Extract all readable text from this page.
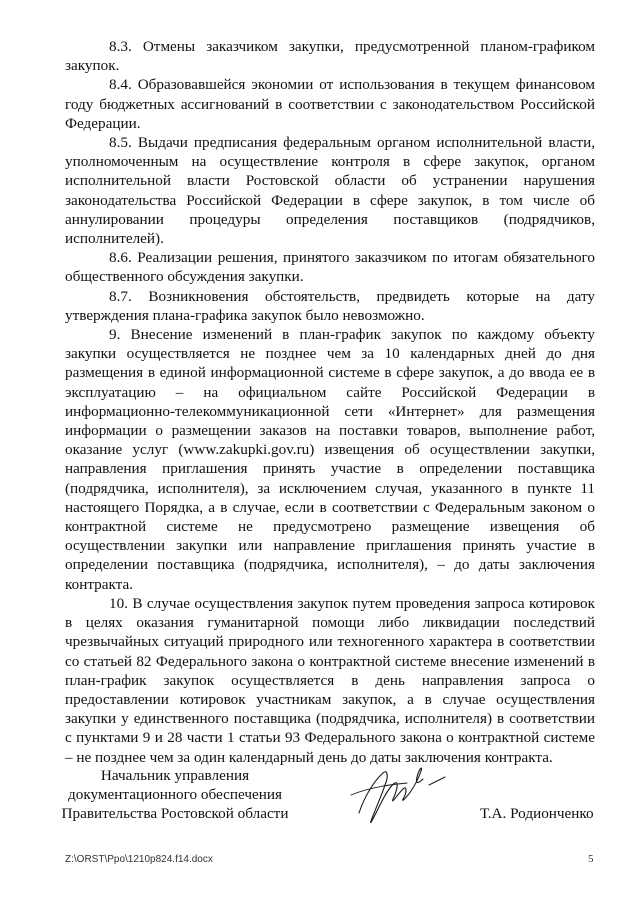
8.3. Отмены заказчиком закупки, предусмотренной планом-графиком закупок.

8.4. Образовавшейся экономии от использования в текущем финансовом году бюджетных ассигнований в соответствии с законодательством Российской Федерации.

8.5. Выдачи предписания федеральным органом исполнительной власти, уполномоченным на осуществление контроля в сфере закупок, органом исполнительной власти Ростовской области об устранении нарушения законодательства Российской Федерации в сфере закупок, в том числе об аннулировании процедуры определения поставщиков (подрядчиков, исполнителей).

8.6. Реализации решения, принятого заказчиком по итогам обязательного общественного обсуждения закупки.

8.7. Возникновения обстоятельств, предвидеть которые на дату утверждения плана-графика закупок было невозможно.

9. Внесение изменений в план-график закупок по каждому объекту закупки осуществляется не позднее чем за 10 календарных дней до дня размещения в единой информационной системе в сфере закупок, а до ввода ее в эксплуатацию – на официальном сайте Российской Федерации в информационно-телекоммуникационной сети «Интернет» для размещения информации о размещении заказов на поставки товаров, выполнение работ, оказание услуг (www.zakupki.gov.ru) извещения об осуществлении закупки, направления приглашения принять участие в определении поставщика (подрядчика, исполнителя), за исключением случая, указанного в пункте 11 настоящего Порядка, а в случае, если в соответствии с Федеральным законом о контрактной системе не предусмотрено размещение извещения об осуществлении закупки или направление приглашения принять участие в определении поставщика (подрядчика, исполнителя), – до даты заключения контракта.

10. В случае осуществления закупок путем проведения запроса котировок в целях оказания гуманитарной помощи либо ликвидации последствий чрезвычайных ситуаций природного или техногенного характера в соответствии со статьей 82 Федерального закона о контрактной системе внесение изменений в план-график закупок осуществляется в день направления запроса о предоставлении котировок участникам закупок, а в случае осуществления закупки у единственного поставщика (подрядчика, исполнителя) в соответствии с пунктами 9 и 28 части 1 статьи 93 Федерального закона о контрактной системе – не позднее чем за один календарный день до даты заключения контракта.

Начальник управления
документационного обеспечения
Правительства Ростовской области	Т.А. Родионченко
Z:\ORST\Ppo\1210p824.f14.docx	5
